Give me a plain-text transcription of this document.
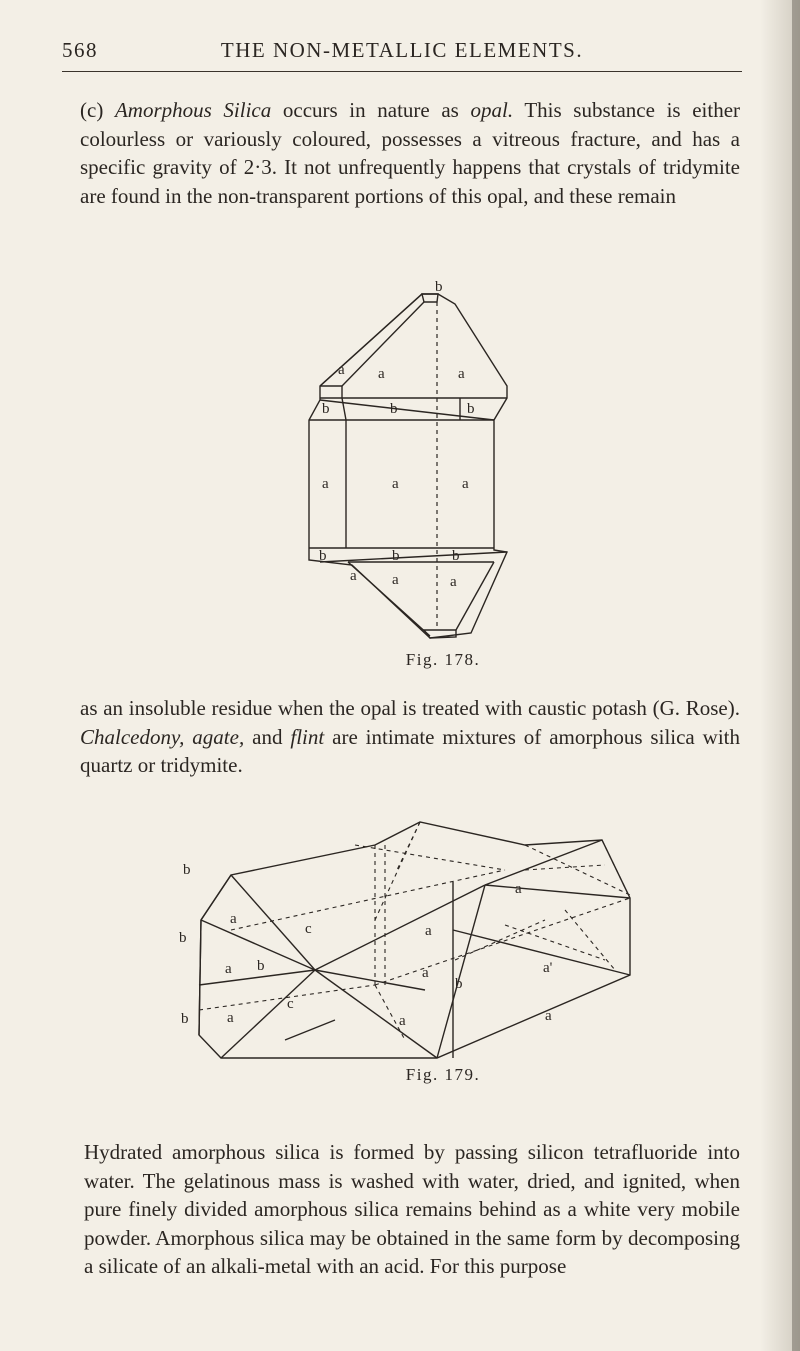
568	THE NON-METALLIC ELEMENTS.

(c) Amorphous Silica occurs in nature as opal. This substance is either colourless or variously coloured, possesses a vitreous fracture, and has a specific gravity of 2·3. It not unfrequently happens that crystals of tridymite are found in the non-transparent portions of this opal, and these remain

b
a a	a
b	b	b
a	a	a
b	b	b
a a	a
Fig. 178.

as an insoluble residue when the opal is treated with caustic potash (G. Rose). Chalcedony, agate, and flint are intimate mixtures of amorphous silica with quartz or tridymite.

b
b
b
b
b
a
a
a
a
a
a
a	a
c
c
a'
Fig. 179.

Hydrated amorphous silica is formed by passing silicon tetrafluoride into water. The gelatinous mass is washed with water, dried, and ignited, when pure finely divided amorphous silica remains behind as a white very mobile powder. Amorphous silica may be obtained in the same form by decomposing a silicate of an alkali-metal with an acid. For this purpose
